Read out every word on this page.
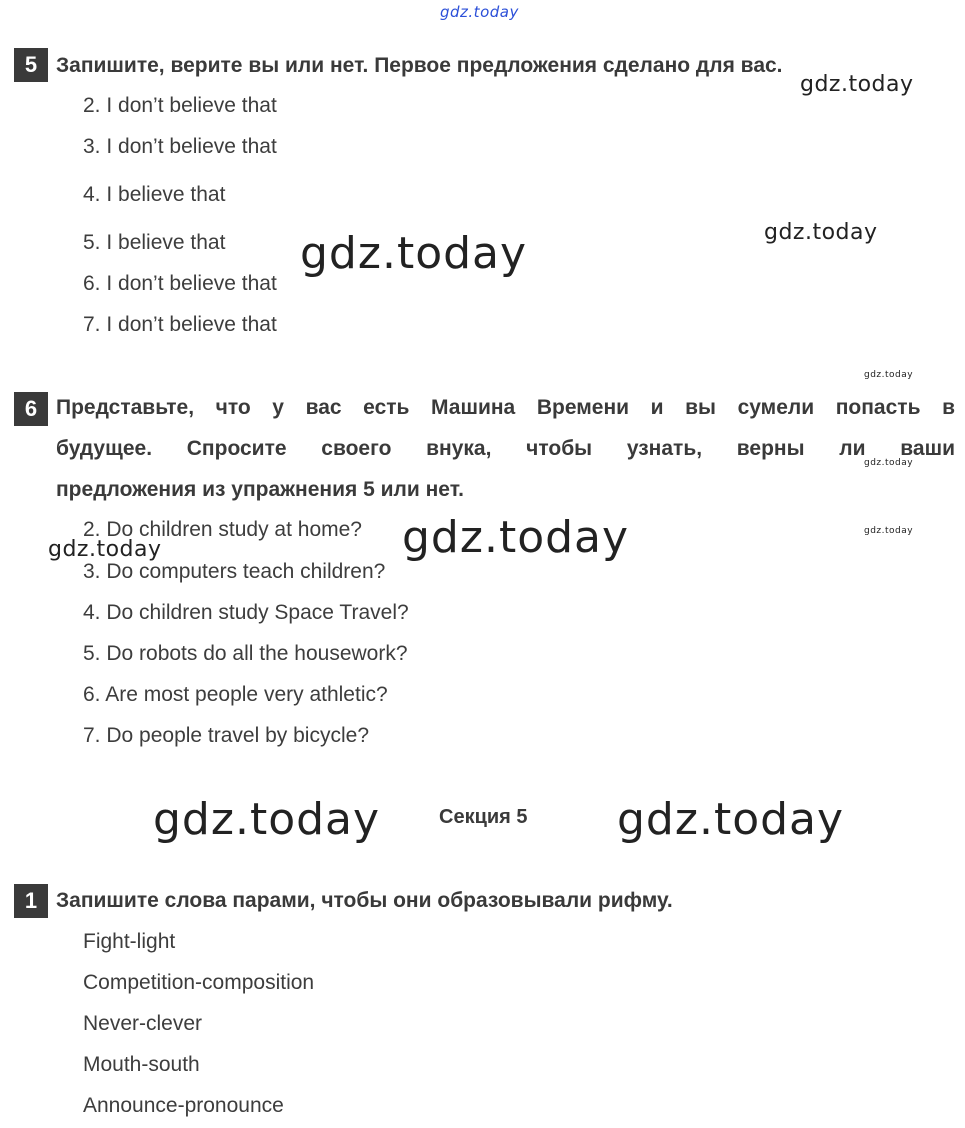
gdz.today
gdz.today
gdz.today
gdz.today
gdz.today
gdz.today
gdz.today
gdz.today
gdz.today
gdz.today	gdz.today
5 Запишите, верите вы или нет. Первое предложения сделано для вас.
2. I don’t believe that
3. I don’t believe that
4. I believe that
5. I believe that
6. I don’t believe that
7. I don’t believe that
6 Представьте, что у вас есть Машина Времени и вы сумели попасть в
будущее. Спросите своего внука, чтобы узнать, верны ли ваши
предложения из упражнения 5 или нет.
2. Do children study at home?
3. Do computers teach children?
4. Do children study Space Travel?
5. Do robots do all the housework?
6. Are most people very athletic?
7. Do people travel by bicycle?
Секция 5
1 Запишите слова парами, чтобы они образовывали рифму.
Fight-light
Competition-composition
Never-clever
Mouth-south
Announce-pronounce
